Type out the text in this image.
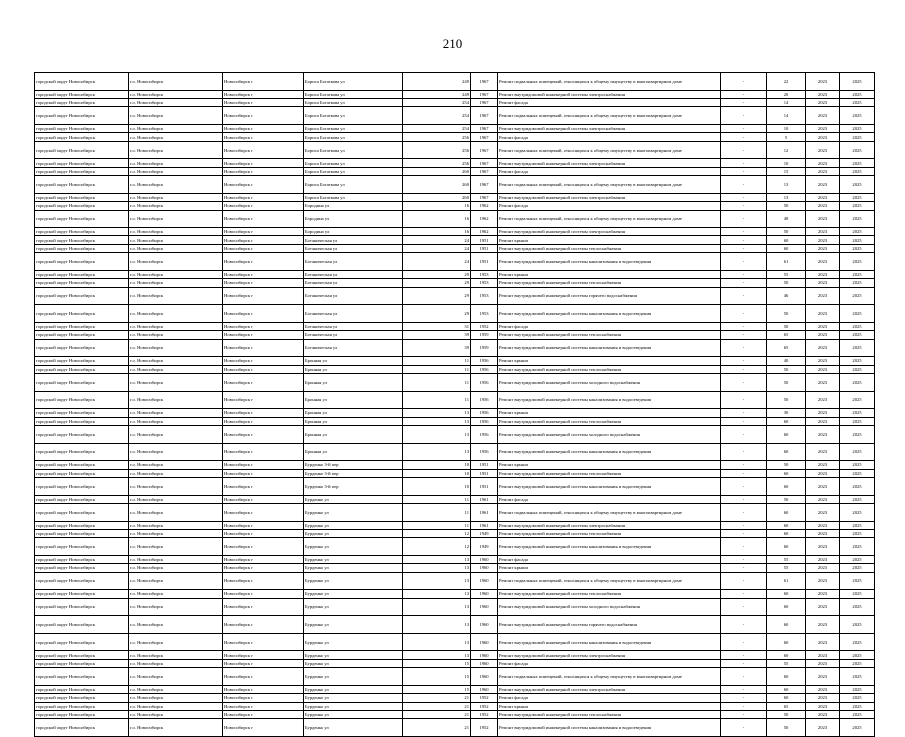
210
городской округ Новосибирск	г.о. Новосибирск	Новосибирск г	Бориса Богаткова ул	249	1967	Ремонт подвальных помещений, относящихся к общему имуществу в многоквартирном доме	-	22	2023	2025
городской округ Новосибирск	г.о. Новосибирск	Новосибирск г	Бориса Богаткова ул	249	1967	Ремонт внутридомовой инженерной системы электроснабжения	-	20	2023	2025
городской округ Новосибирск	г.о. Новосибирск	Новосибирск г	Бориса Богаткова ул	254	1967	Ремонт фасада	-	14	2023	2025
городской округ Новосибирск	г.о. Новосибирск	Новосибирск г	Бориса Богаткова ул	254	1967	Ремонт подвальных помещений, относящихся к общему имуществу в многоквартирном доме	-	14	2023	2025
городской округ Новосибирск	г.о. Новосибирск	Новосибирск г	Бориса Богаткова ул	254	1967	Ремонт внутридомовой инженерной системы электроснабжения	-	10	2023	2025
городской округ Новосибирск	г.о. Новосибирск	Новосибирск г	Бориса Богаткова ул	256	1967	Ремонт фасада	-	5	2023	2025
городской округ Новосибирск	г.о. Новосибирск	Новосибирск г	Бориса Богаткова ул	256	1967	Ремонт подвальных помещений, относящихся к общему имуществу в многоквартирном доме	-	12	2023	2025
городской округ Новосибирск	г.о. Новосибирск	Новосибирск г	Бориса Богаткова ул	256	1967	Ремонт внутридомовой инженерной системы электроснабжения	-	10	2023	2025
городской округ Новосибирск	г.о. Новосибирск	Новосибирск г	Бориса Богаткова ул	260	1967	Ремонт фасада	-	15	2023	2025
городской округ Новосибирск	г.о. Новосибирск	Новосибирск г	Бориса Богаткова ул	260	1967	Ремонт подвальных помещений, относящихся к общему имуществу в многоквартирном доме	-	13	2023	2025
городской округ Новосибирск	г.о. Новосибирск	Новосибирск г	Бориса Богаткова ул	260	1967	Ремонт внутридомовой инженерной системы электроснабжения	-	13	2023	2025
городской округ Новосибирск	г.о. Новосибирск	Новосибирск г	Бородина ул	16	1962	Ремонт фасада	-	50	2023	2025
городской округ Новосибирск	г.о. Новосибирск	Новосибирск г	Бородина ул	16	1962	Ремонт подвальных помещений, относящихся к общему имуществу в многоквартирном доме	-	48	2023	2025
городской округ Новосибирск	г.о. Новосибирск	Новосибирск г	Бородина ул	16	1962	Ремонт внутридомовой инженерной системы электроснабжения	-	50	2023	2025
городской округ Новосибирск	г.о. Новосибирск	Новосибирск г	Ботаническая ул	24	1951	Ремонт крыши	-	60	2023	2025
городской округ Новосибирск	г.о. Новосибирск	Новосибирск г	Ботаническая ул	24	1951	Ремонт внутридомовой инженерной системы теплоснабжения	-	60	2023	2025
городской округ Новосибирск	г.о. Новосибирск	Новосибирск г	Ботаническая ул	24	1951	Ремонт внутридомовой инженерной системы канализования и водоотведения	-	61	2023	2025
городской округ Новосибирск	г.о. Новосибирск	Новосибирск г	Ботаническая ул	29	1953	Ремонт крыши	-	55	2023	2025
городской округ Новосибирск	г.о. Новосибирск	Новосибирск г	Ботаническая ул	29	1953	Ремонт внутридомовой инженерной системы теплоснабжения	-	50	2023	2025
городской округ Новосибирск	г.о. Новосибирск	Новосибирск г	Ботаническая ул	29	1953	Ремонт внутридомовой инженерной системы горячего водоснабжения	-	46	2023	2025
городской округ Новосибирск	г.о. Новосибирск	Новосибирск г	Ботаническая ул	29	1953	Ремонт внутридомовой инженерной системы канализования и водоотведения	-	50	2023	2025
городской округ Новосибирск	г.о. Новосибирск	Новосибирск г	Ботаническая ул	31	1952	Ремонт фасада	-	50	2023	2025
городской округ Новосибирск	г.о. Новосибирск	Новосибирск г	Ботаническая ул	39	1959	Ремонт внутридомовой инженерной системы теплоснабжения	-	65	2023	2025
городской округ Новосибирск	г.о. Новосибирск	Новосибирск г	Ботаническая ул	39	1959	Ремонт внутридомовой инженерной системы канализования и водоотведения	-	65	2023	2025
городской округ Новосибирск	г.о. Новосибирск	Новосибирск г	Бронная ул	11	1956	Ремонт крыши	-	40	2023	2025
городской округ Новосибирск	г.о. Новосибирск	Новосибирск г	Бронная ул	11	1956	Ремонт внутридомовой инженерной системы теплоснабжения	-	50	2023	2025
городской округ Новосибирск	г.о. Новосибирск	Новосибирск г	Бронная ул	11	1956	Ремонт внутридомовой инженерной системы холодного водоснабжения	-	50	2023	2025
городской округ Новосибирск	г.о. Новосибирск	Новосибирск г	Бронная ул	11	1956	Ремонт внутридомовой инженерной системы канализования и водоотведения	-	50	2023	2025
городской округ Новосибирск	г.о. Новосибирск	Новосибирск г	Бронная ул	13	1956	Ремонт крыши	-	30	2023	2025
городской округ Новосибирск	г.о. Новосибирск	Новосибирск г	Бронная ул	13	1956	Ремонт внутридомовой инженерной системы теплоснабжения	-	60	2023	2025
городской округ Новосибирск	г.о. Новосибирск	Новосибирск г	Бронная ул	13	1956	Ремонт внутридомовой инженерной системы холодного водоснабжения	-	60	2023	2025
городской округ Новосибирск	г.о. Новосибирск	Новосибирск г	Бронная ул	13	1956	Ремонт внутридомовой инженерной системы канализования и водоотведения	-	60	2023	2025
городской округ Новосибирск	г.о. Новосибирск	Новосибирск г	Бурденко 3-й пер	10	1951	Ремонт крыши	-	50	2023	2025
городской округ Новосибирск	г.о. Новосибирск	Новосибирск г	Бурденко 3-й пер	10	1951	Ремонт внутридомовой инженерной системы теплоснабжения	-	60	2023	2025
городской округ Новосибирск	г.о. Новосибирск	Новосибирск г	Бурденко 3-й пер	10	1951	Ремонт внутридомовой инженерной системы канализования и водоотведения	-	60	2023	2025
городской округ Новосибирск	г.о. Новосибирск	Новосибирск г	Бурденко ул	11	1961	Ремонт фасада	-	50	2023	2025
городской округ Новосибирск	г.о. Новосибирск	Новосибирск г	Бурденко ул	11	1961	Ремонт подвальных помещений, относящихся к общему имуществу в многоквартирном доме	-	60	2023	2025
городской округ Новосибирск	г.о. Новосибирск	Новосибирск г	Бурденко ул	11	1961	Ремонт внутридомовой инженерной системы электроснабжения	-	60	2023	2025
городской округ Новосибирск	г.о. Новосибирск	Новосибирск г	Бурденко ул	12	1949	Ремонт внутридомовой инженерной системы теплоснабжения	-	60	2023	2025
городской округ Новосибирск	г.о. Новосибирск	Новосибирск г	Бурденко ул	12	1949	Ремонт внутридомовой инженерной системы канализования и водоотведения	-	60	2023	2025
городской округ Новосибирск	г.о. Новосибирск	Новосибирск г	Бурденко ул	13	1960	Ремонт фасада	-	55	2023	2025
городской округ Новосибирск	г.о. Новосибирск	Новосибирск г	Бурденко ул	13	1960	Ремонт крыши	-	55	2023	2025
городской округ Новосибирск	г.о. Новосибирск	Новосибирск г	Бурденко ул	13	1960	Ремонт подвальных помещений, относящихся к общему имуществу в многоквартирном доме	-	61	2023	2025
городской округ Новосибирск	г.о. Новосибирск	Новосибирск г	Бурденко ул	13	1960	Ремонт внутридомовой инженерной системы теплоснабжения	-	60	2023	2025
городской округ Новосибирск	г.о. Новосибирск	Новосибирск г	Бурденко ул	13	1960	Ремонт внутридомовой инженерной системы холодного водоснабжения	-	60	2023	2025
городской округ Новосибирск	г.о. Новосибирск	Новосибирск г	Бурденко ул	13	1960	Ремонт внутридомовой инженерной системы горячего водоснабжения	-	60	2023	2025
городской округ Новосибирск	г.о. Новосибирск	Новосибирск г	Бурденко ул	13	1960	Ремонт внутридомовой инженерной системы канализования и водоотведения	-	60	2023	2025
городской округ Новосибирск	г.о. Новосибирск	Новосибирск г	Бурденко ул	13	1960	Ремонт внутридомовой инженерной системы электроснабжения	-	60	2023	2025
городской округ Новосибирск	г.о. Новосибирск	Новосибирск г	Бурденко ул	15	1960	Ремонт фасада	-	55	2023	2025
городской округ Новосибирск	г.о. Новосибирск	Новосибирск г	Бурденко ул	15	1960	Ремонт подвальных помещений, относящихся к общему имуществу в многоквартирном доме	-	60	2023	2025
городской округ Новосибирск	г.о. Новосибирск	Новосибирск г	Бурденко ул	15	1960	Ремонт внутридомовой инженерной системы электроснабжения	-	60	2023	2025
городской округ Новосибирск	г.о. Новосибирск	Новосибирск г	Бурденко ул	21	1952	Ремонт фасада	-	60	2023	2025
городской округ Новосибирск	г.о. Новосибирск	Новосибирск г	Бурденко ул	21	1952	Ремонт крыши	-	65	2023	2025
городской округ Новосибирск	г.о. Новосибирск	Новосибирск г	Бурденко ул	21	1952	Ремонт внутридомовой инженерной системы теплоснабжения	-	50	2023	2025
городской округ Новосибирск	г.о. Новосибирск	Новосибирск г	Бурденко ул	21	1952	Ремонт внутридомовой инженерной системы канализования и водоотведения	-	50	2023	2025
